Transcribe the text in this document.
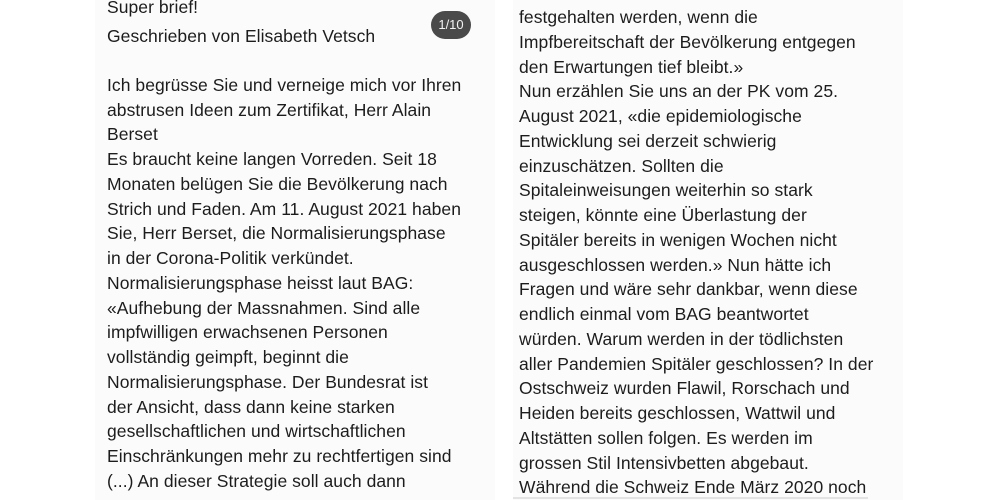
Super brief!
Geschrieben von Elisabeth Vetsch
Ich begrüsse Sie und verneige mich vor Ihren
abstrusen Ideen zum Zertifikat, Herr Alain
Berset
Es braucht keine langen Vorreden. Seit 18
Monaten belügen Sie die Bevölkerung nach
Strich und Faden. Am 11. August 2021 haben
Sie, Herr Berset, die Normalisierungsphase
in der Corona-Politik verkündet.
Normalisierungsphase heisst laut BAG:
«Aufhebung der Massnahmen. Sind alle
impfwilligen erwachsenen Personen
vollständig geimpft, beginnt die
Normalisierungsphase. Der Bundesrat ist
der Ansicht, dass dann keine starken
gesellschaftlichen und wirtschaftlichen
Einschränkungen mehr zu rechtfertigen sind
(...) An dieser Strategie soll auch dann
festgehalten werden, wenn die
Impfbereitschaft der Bevölkerung entgegen
den Erwartungen tief bleibt.»
Nun erzählen Sie uns an der PK vom 25.
August 2021, «die epidemiologische
Entwicklung sei derzeit schwierig
einzuschätzen. Sollten die
Spitaleinweisungen weiterhin so stark
steigen, könnte eine Überlastung der
Spitäler bereits in wenigen Wochen nicht
ausgeschlossen werden.» Nun hätte ich
Fragen und wäre sehr dankbar, wenn diese
endlich einmal vom BAG beantwortet
würden. Warum werden in der tödlichsten
aller Pandemien Spitäler geschlossen? In der
Ostschweiz wurden Flawil, Rorschach und
Heiden bereits geschlossen, Wattwil und
Altstätten sollen folgen. Es werden im
grossen Stil Intensivbetten abgebaut.
Während die Schweiz Ende März 2020 noch
1/10
